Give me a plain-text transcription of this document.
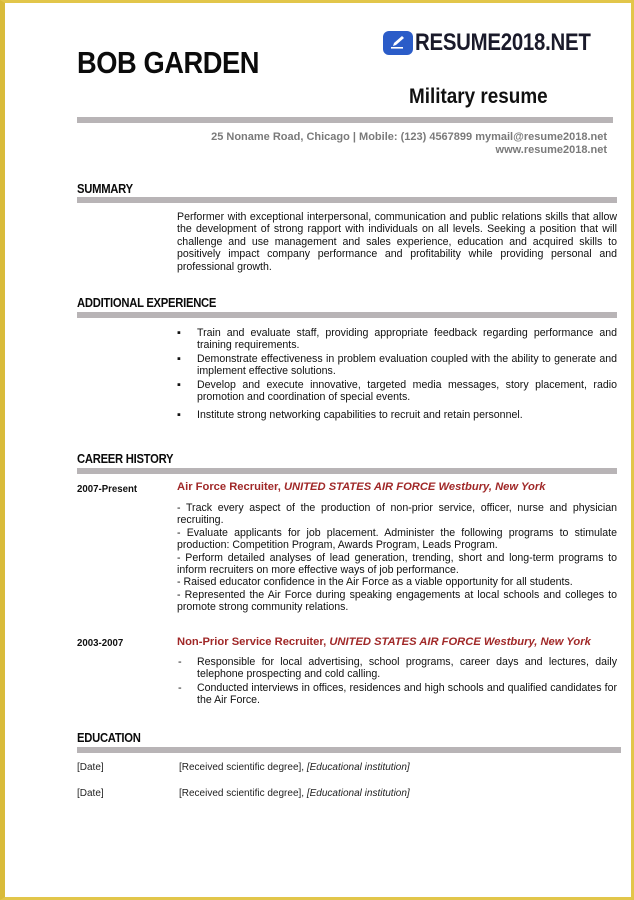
BOB GARDEN
RESUME2018.NET
Military resume
25 Noname Road, Chicago | Mobile: (123) 4567899 mymail@resume2018.net
www.resume2018.net
SUMMARY
Performer with exceptional interpersonal, communication and public relations skills that allow the development of strong rapport with individuals on all levels. Seeking a position that will challenge and use management and sales experience, education and acquired skills to positively impact company performance and profitability while providing personal and professional growth.
ADDITIONAL EXPERIENCE
▪ Train and evaluate staff, providing appropriate feedback regarding performance and training requirements.
▪ Demonstrate effectiveness in problem evaluation coupled with the ability to generate and implement effective solutions.
▪ Develop and execute innovative, targeted media messages, story placement, radio promotion and coordination of special events.
▪ Institute strong networking capabilities to recruit and retain personnel.
CAREER HISTORY
2007-Present	Air Force Recruiter, UNITED STATES AIR FORCE Westbury, New York
- Track every aspect of the production of non-prior service, officer, nurse and physician recruiting.
- Evaluate applicants for job placement. Administer the following programs to stimulate production: Competition Program, Awards Program, Leads Program.
- Perform detailed analyses of lead generation, trending, short and long-term programs to inform recruiters on more effective ways of job performance.
- Raised educator confidence in the Air Force as a viable opportunity for all students.
- Represented the Air Force during speaking engagements at local schools and colleges to promote strong community relations.
2003-2007	Non-Prior Service Recruiter, UNITED STATES AIR FORCE Westbury, New York
- Responsible for local advertising, school programs, career days and lectures, daily telephone prospecting and cold calling.
- Conducted interviews in offices, residences and high schools and qualified candidates for the Air Force.
EDUCATION
[Date]	[Received scientific degree], [Educational institution]
[Date]	[Received scientific degree], [Educational institution]
